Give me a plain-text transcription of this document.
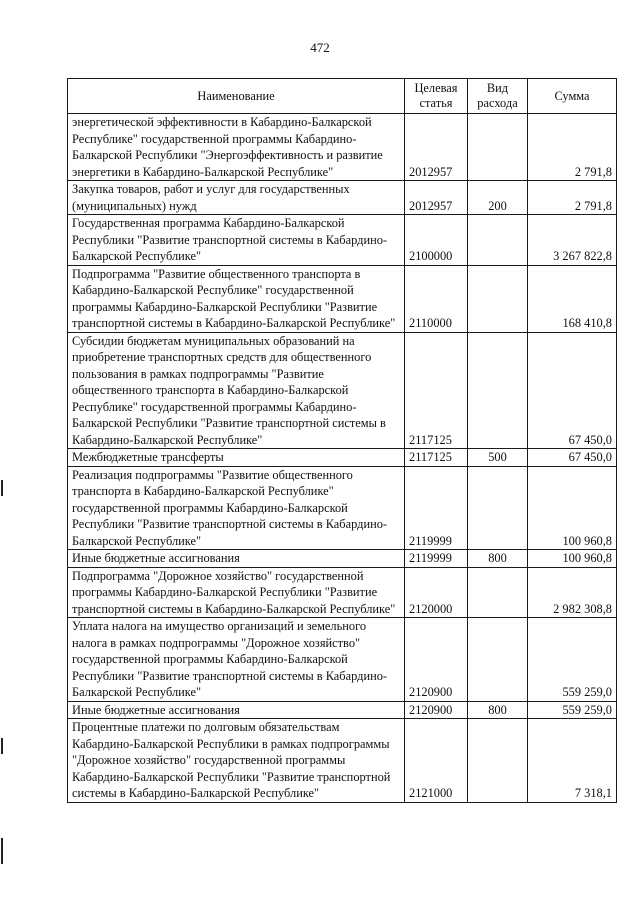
472
Наименование	Целевая статья	Вид расхода	Сумма
энергетической эффективности в Кабардино-Балкарской Республике" государственной программы Кабардино-Балкарской Республики "Энергоэффективность и развитие энергетики в Кабардино-Балкарской Республике"	2012957		2 791,8
Закупка товаров, работ и услуг для государственных (муниципальных) нужд	2012957	200	2 791,8
Государственная программа Кабардино-Балкарской Республики "Развитие транспортной системы в Кабардино-Балкарской Республике"	2100000		3 267 822,8
Подпрограмма "Развитие общественного транспорта в Кабардино-Балкарской Республике" государственной программы Кабардино-Балкарской Республики "Развитие транспортной системы в Кабардино-Балкарской Республике"	2110000		168 410,8
Субсидии бюджетам муниципальных образований на приобретение транспортных средств для общественного пользования в рамках подпрограммы "Развитие общественного транспорта в Кабардино-Балкарской Республике" государственной программы Кабардино-Балкарской Республики "Развитие транспортной системы в Кабардино-Балкарской Республике"	2117125		67 450,0
Межбюджетные трансферты	2117125	500	67 450,0
Реализация подпрограммы "Развитие общественного транспорта в Кабардино-Балкарской Республике" государственной программы Кабардино-Балкарской Республики "Развитие транспортной системы в Кабардино-Балкарской Республике"	2119999		100 960,8
Иные бюджетные ассигнования	2119999	800	100 960,8
Подпрограмма "Дорожное хозяйство" государственной программы Кабардино-Балкарской Республики "Развитие транспортной системы в Кабардино-Балкарской Республике"	2120000		2 982 308,8
Уплата налога на имущество организаций и земельного налога в рамках подпрограммы "Дорожное хозяйство" государственной программы Кабардино-Балкарской Республики "Развитие транспортной системы в Кабардино-Балкарской Республике"	2120900		559 259,0
Иные бюджетные ассигнования	2120900	800	559 259,0
Процентные платежи по долговым обязательствам Кабардино-Балкарской Республики в рамках подпрограммы "Дорожное хозяйство" государственной программы Кабардино-Балкарской Республики "Развитие транспортной системы в Кабардино-Балкарской Республике"	2121000		7 318,1
